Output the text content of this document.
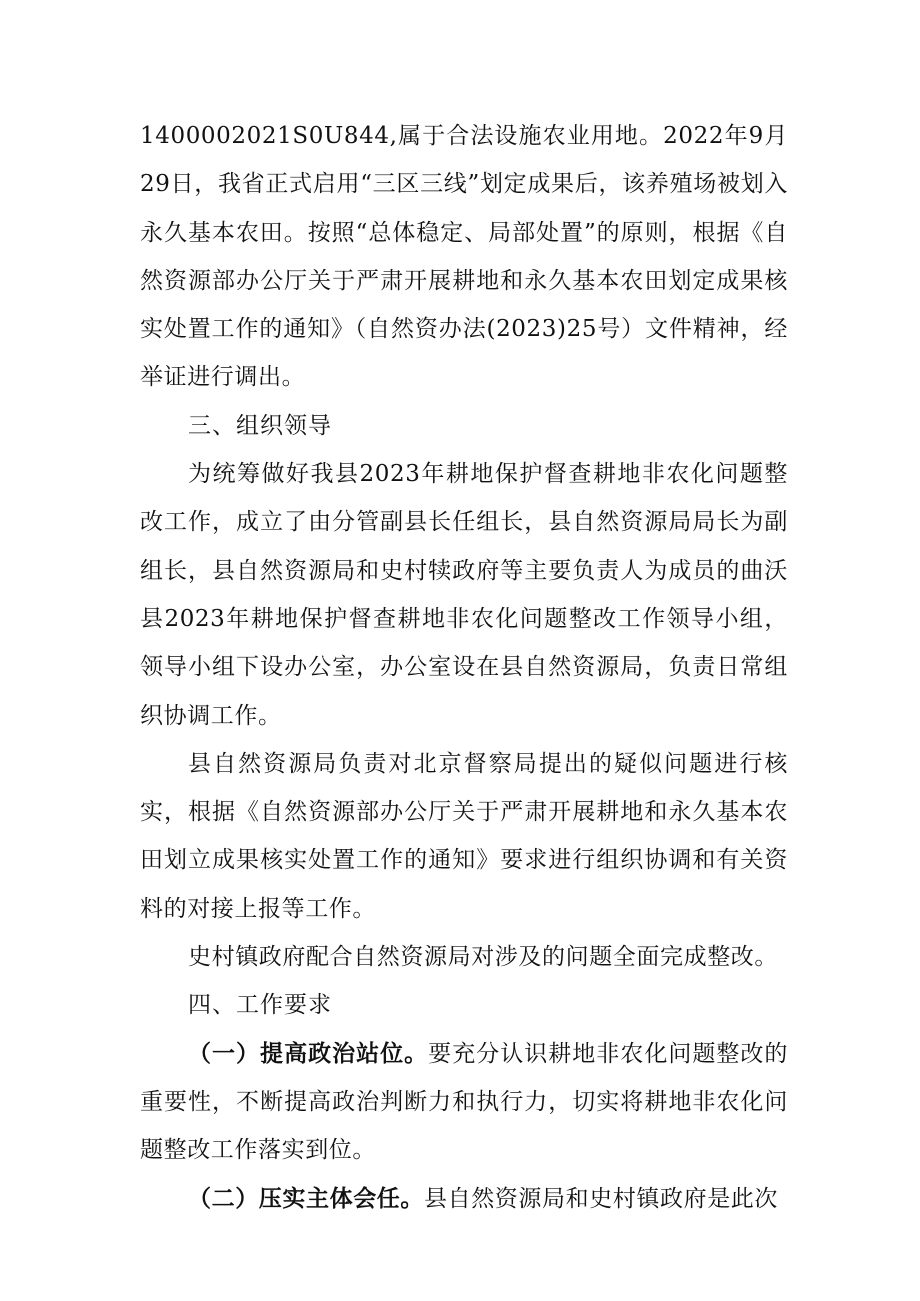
1400002021S0U844,属于合法设施农业用地。2022年9月29日，我省正式启用“三区三线”划定成果后，该养殖场被划入永久基本农田。按照“总体稳定、局部处置”的原则，根据《自然资源部办公厅关于严肃开展耕地和永久基本农田划定成果核实处置工作的通知》（自然资办法(2023)25号）文件精神，经举证进行调出。

三、组织领导

为统筹做好我县2023年耕地保护督查耕地非农化问题整改工作，成立了由分管副县长任组长，县自然资源局局长为副组长，县自然资源局和史村犊政府等主要负责人为成员的曲沃县2023年耕地保护督查耕地非农化问题整改工作领导小组，领导小组下设办公室，办公室设在县自然资源局，负责日常组织协调工作。

县自然资源局负责对北京督察局提出的疑似问题进行核实，根据《自然资源部办公厅关于严肃开展耕地和永久基本农田划立成果核实处置工作的通知》要求进行组织协调和有关资料的对接上报等工作。

史村镇政府配合自然资源局对涉及的问题全面完成整改。

四、工作要求

（一）提高政治站位。要充分认识耕地非农化问题整改的重要性，不断提高政治判断力和执行力，切实将耕地非农化问题整改工作落实到位。

（二）压实主体会任。县自然资源局和史村镇政府是此次
